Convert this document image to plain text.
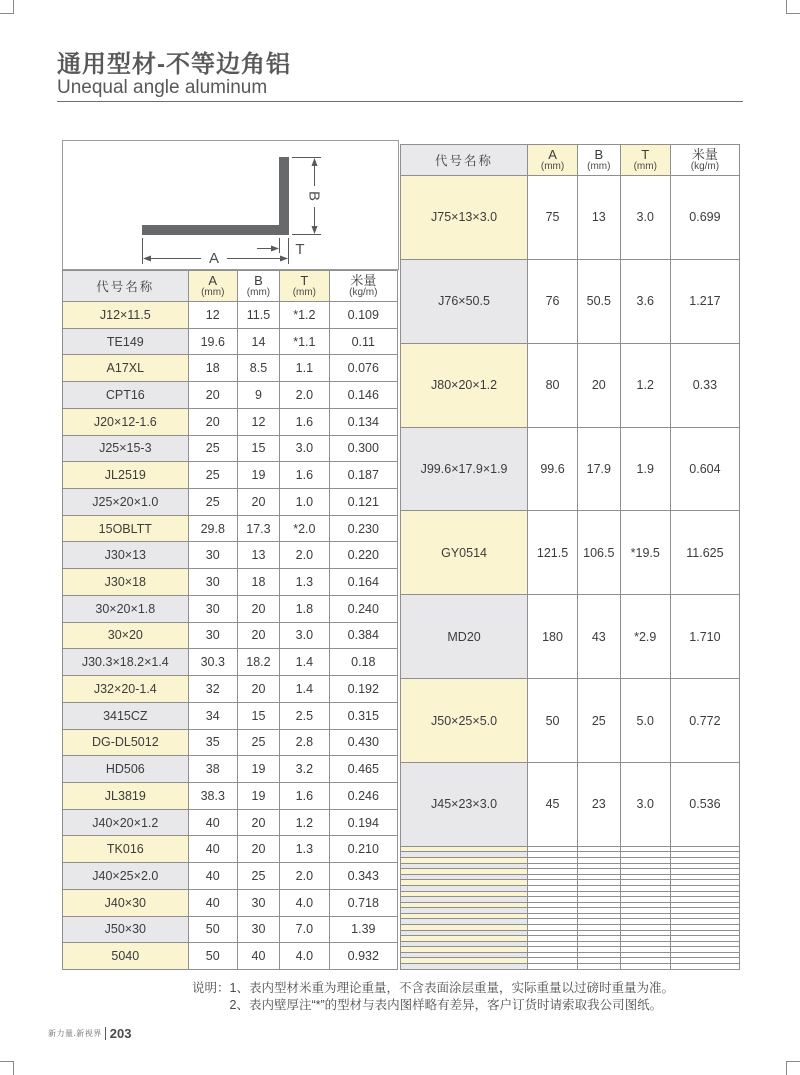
通用型材-不等边角铝
Unequal angle aluminum
A
T
B
代号名称	A
(mm)

B
(mm)

T
(mm)

米量
(kg/m)

J12×11.5	12	11.5	*1.2	0.109
TE149	19.6	14	*1.1	0.11
A17XL	18	8.5	1.1	0.076
CPT16	20	9	2.0	0.146
J20×12-1.6	20	12	1.6	0.134
J25×15-3	25	15	3.0	0.300
JL2519	25	19	1.6	0.187
J25×20×1.0	25	20	1.0	0.121
15OBLTT	29.8	17.3	*2.0	0.230
J30×13	30	13	2.0	0.220
J30×18	30	18	1.3	0.164
30×20×1.8	30	20	1.8	0.240
30×20	30	20	3.0	0.384
J30.3×18.2×1.4	30.3	18.2	1.4	0.18
J32×20-1.4	32	20	1.4	0.192
3415CZ	34	15	2.5	0.315
DG-DL5012	35	25	2.8	0.430
HD506	38	19	3.2	0.465
JL3819	38.3	19	1.6	0.246
J40×20×1.2	40	20	1.2	0.194
TK016	40	20	1.3	0.210
J40×25×2.0	40	25	2.0	0.343
J40×30	40	30	4.0	0.718
J50×30	50	30	7.0	1.39
5040	50	40	4.0	0.932
代号名称	A
(mm)

B
(mm)

T
(mm)

米量
(kg/m)

J75×13×3.0	75	13	3.0	0.699
J76×50.5	76	50.5	3.6	1.217
J80×20×1.2	80	20	1.2	0.33
J99.6×17.9×1.9	99.6	17.9	1.9	0.604
GY0514	121.5	106.5	*19.5	11.625
MD20	180	43	*2.9	1.710
J50×25×5.0	50	25	5.0	0.772
J45×23×3.0	45	23	3.0	0.536

说明： 1、表内型材米重为理论重量，不含表面涂层重量，实际重量以过磅时重量为准。
2、表内壁厚注“*”的型材与表内图样略有差异，客户订货时请索取我公司图纸。
新力量.新视界 203
